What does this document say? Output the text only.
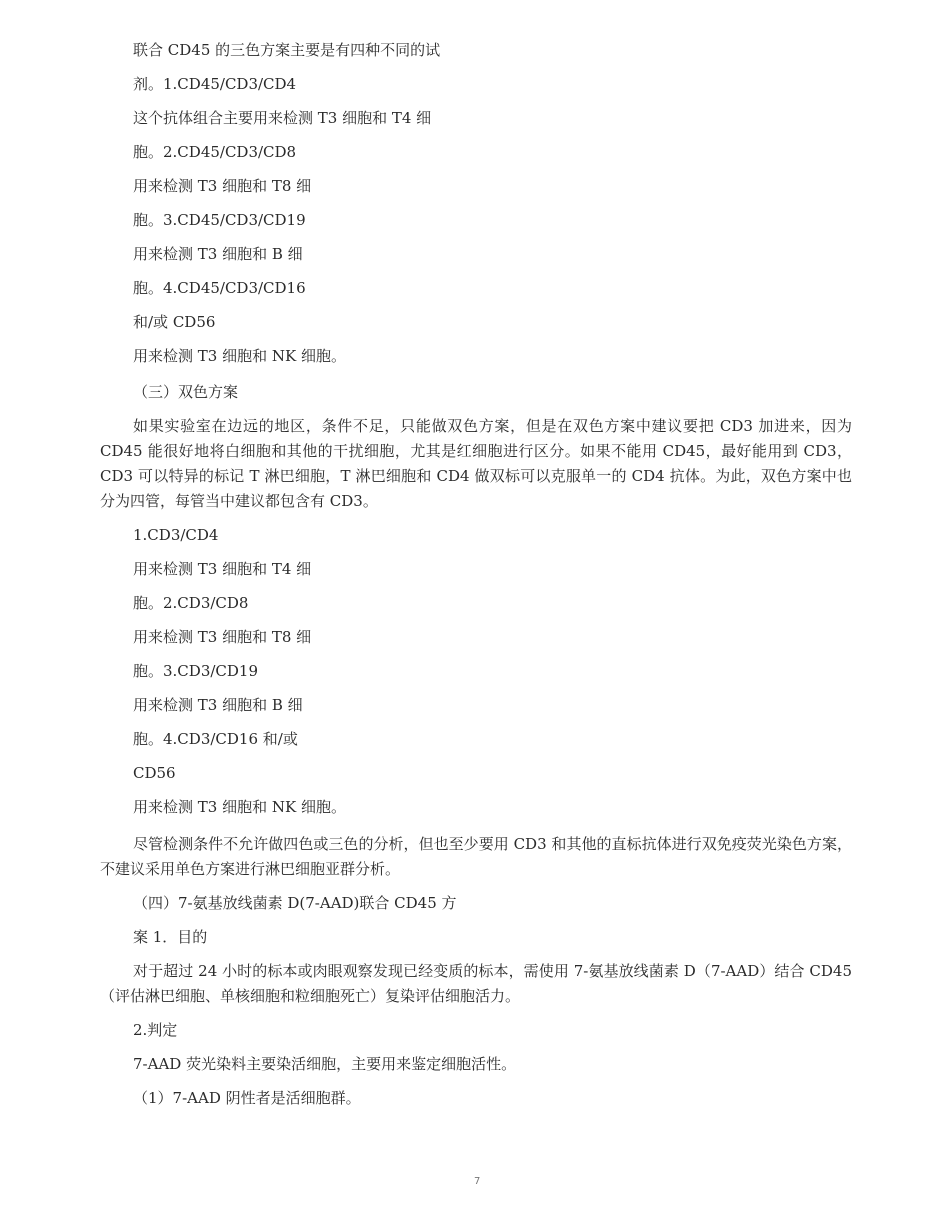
联合 CD45 的三色方案主要是有四种不同的试
剂。1.CD45/CD3/CD4
这个抗体组合主要用来检测 T3 细胞和 T4 细
胞。2.CD45/CD3/CD8
用来检测 T3 细胞和 T8 细
胞。3.CD45/CD3/CD19
用来检测 T3 细胞和 B 细
胞。4.CD45/CD3/CD16
和/或 CD56
用来检测 T3 细胞和 NK 细胞。
（三）双色方案
如果实验室在边远的地区，条件不足，只能做双色方案，但是在双色方案中建议要把 CD3 加进来，因为 CD45 能很好地将白细胞和其他的干扰细胞，尤其是红细胞进行区分。如果不能用 CD45，最好能用到 CD3，CD3 可以特异的标记 T 淋巴细胞，T 淋巴细胞和 CD4 做双标可以克服单一的 CD4 抗体。为此，双色方案中也分为四管，每管当中建议都包含有 CD3。
1.CD3/CD4
用来检测 T3 细胞和 T4 细
胞。2.CD3/CD8
用来检测 T3 细胞和 T8 细
胞。3.CD3/CD19
用来检测 T3 细胞和 B 细
胞。4.CD3/CD16 和/或
CD56
用来检测 T3 细胞和 NK 细胞。
尽管检测条件不允许做四色或三色的分析，但也至少要用 CD3 和其他的直标抗体进行双免疫荧光染色方案，不建议采用单色方案进行淋巴细胞亚群分析。
（四）7-氨基放线菌素 D(7-AAD)联合 CD45 方
案 1．目的
对于超过 24 小时的标本或肉眼观察发现已经变质的标本，需使用 7-氨基放线菌素 D（7-AAD）结合 CD45（评估淋巴细胞、单核细胞和粒细胞死亡）复染评估细胞活力。
2.判定
7-AAD 荧光染料主要染活细胞，主要用来鉴定细胞活性。
（1）7-AAD 阴性者是活细胞群。
7
